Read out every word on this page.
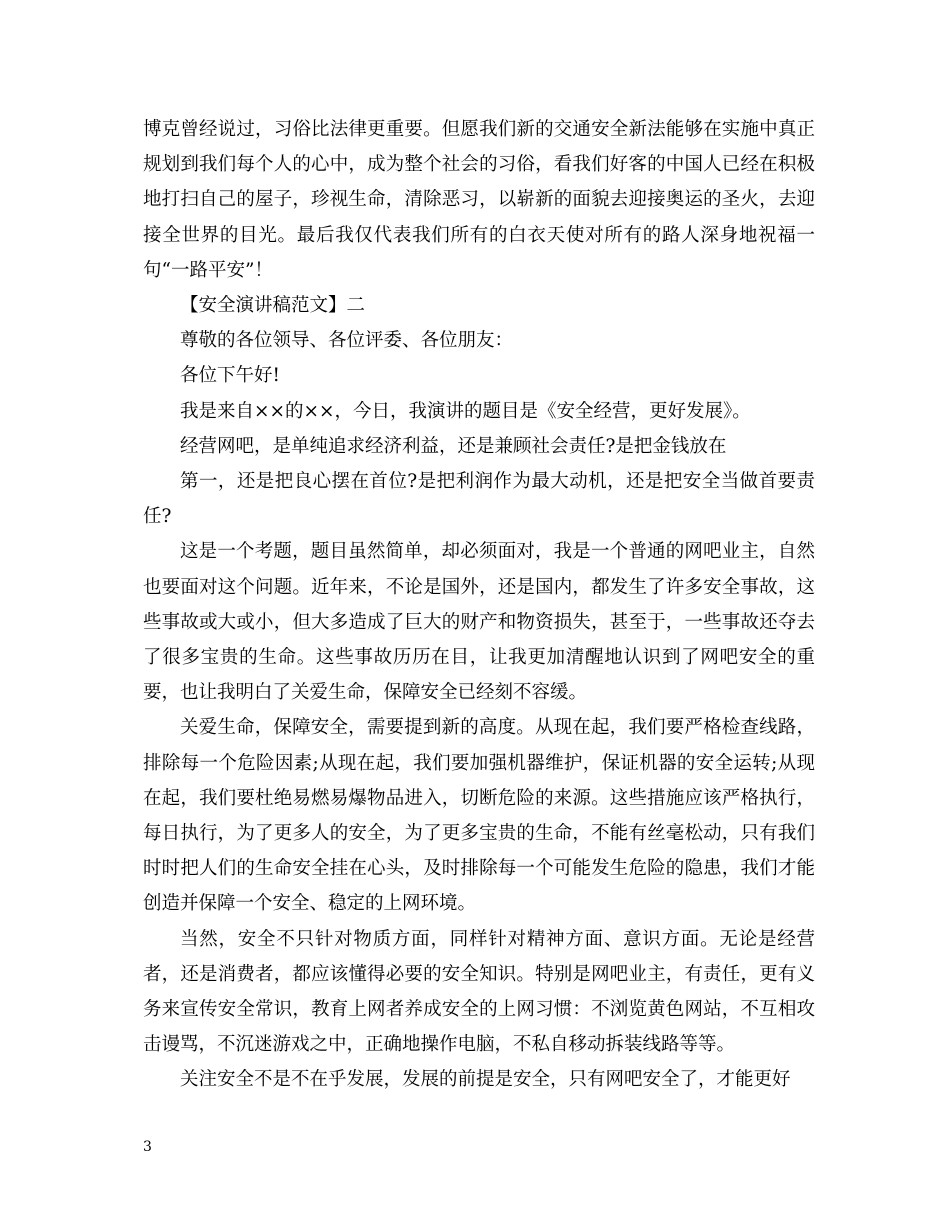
博克曾经说过，习俗比法律更重要。但愿我们新的交通安全新法能够在实施中真正规划到我们每个人的心中，成为整个社会的习俗，看我们好客的中国人已经在积极地打扫自己的屋子，珍视生命，清除恶习，以崭新的面貌去迎接奥运的圣火，去迎接全世界的目光。最后我仅代表我们所有的白衣天使对所有的路人深身地祝福一句“一路平安”！

【安全演讲稿范文】二

尊敬的各位领导、各位评委、各位朋友：

各位下午好!

我是来自××的××，今日，我演讲的题目是《安全经营，更好发展》。

经营网吧，是单纯追求经济利益，还是兼顾社会责任?是把金钱放在

第一，还是把良心摆在首位?是把利润作为最大动机，还是把安全当做首要责任?

这是一个考题，题目虽然简单，却必须面对，我是一个普通的网吧业主，自然也要面对这个问题。近年来，不论是国外，还是国内，都发生了许多安全事故，这些事故或大或小，但大多造成了巨大的财产和物资损失，甚至于，一些事故还夺去了很多宝贵的生命。这些事故历历在目，让我更加清醒地认识到了网吧安全的重要，也让我明白了关爱生命，保障安全已经刻不容缓。

关爱生命，保障安全，需要提到新的高度。从现在起，我们要严格检查线路，排除每一个危险因素;从现在起，我们要加强机器维护，保证机器的安全运转;从现在起，我们要杜绝易燃易爆物品进入，切断危险的来源。这些措施应该严格执行，每日执行，为了更多人的安全，为了更多宝贵的生命，不能有丝毫松动，只有我们时时把人们的生命安全挂在心头，及时排除每一个可能发生危险的隐患，我们才能创造并保障一个安全、稳定的上网环境。

当然，安全不只针对物质方面，同样针对精神方面、意识方面。无论是经营者，还是消费者，都应该懂得必要的安全知识。特别是网吧业主，有责任，更有义务来宣传安全常识，教育上网者养成安全的上网习惯：不浏览黄色网站，不互相攻击谩骂，不沉迷游戏之中，正确地操作电脑，不私自移动拆装线路等等。

关注安全不是不在乎发展，发展的前提是安全，只有网吧安全了，才能更好

3
